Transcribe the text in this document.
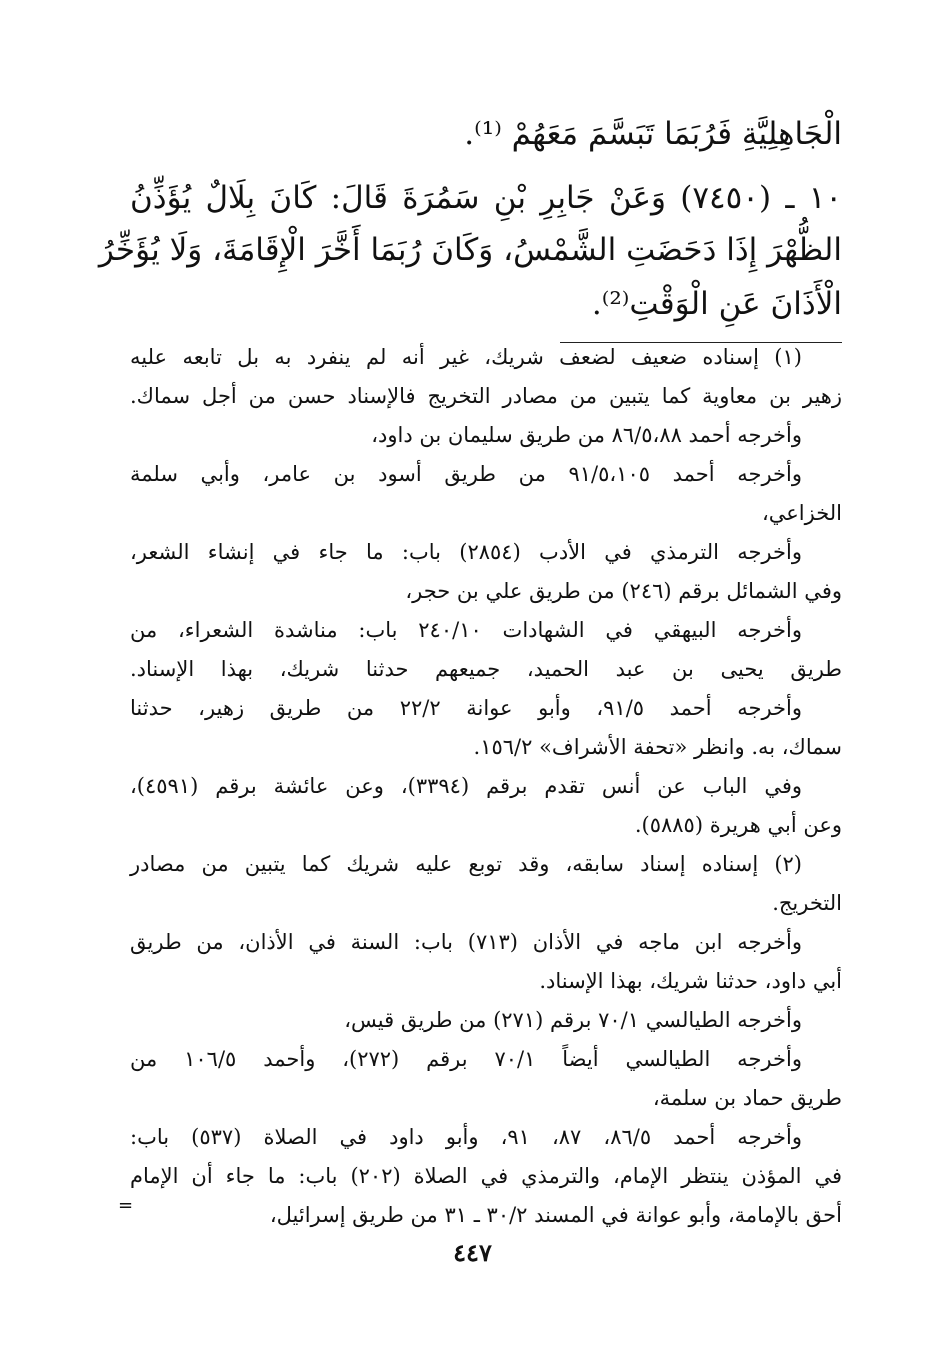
الْجَاهِلِيَّةِ فَرُبَمَا تَبَسَّمَ مَعَهُمْ ⁽¹⁾.
١٠ ـ (٧٤٥٠) وَعَنْ جَابِرِ بْنِ سَمُرَةَ قَالَ: كَانَ بِلَالٌ يُؤَذِّنُ
الظُّهْرَ إِذَا دَحَضَتِ الشَّمْسُ، وَكَانَ رُبَمَا أَخَّرَ الْإِقَامَةَ، وَلَا يُؤَخِّرُ
الْأَذَانَ عَنِ الْوَقْتِ⁽²⁾.
(١) إسناده ضعيف لضعف شريك، غير أنه لم ينفرد به بل تابعه عليه
زهير بن معاوية كما يتبين من مصادر التخريج فالإسناد حسن من أجل سماك.
وأخرجه أحمد ٨٦/٥،٨٨ من طريق سليمان بن داود،
وأخرجه أحمد ٩١/٥،١٠٥ من طريق أسود بن عامر، وأبي سلمة
الخزاعي،
وأخرجه الترمذي في الأدب (٢٨٥٤) باب: ما جاء في إنشاء الشعر،
وفي الشمائل برقم (٢٤٦) من طريق علي بن حجر،
وأخرجه البيهقي في الشهادات ٢٤٠/١٠ باب: مناشدة الشعراء، من
طريق يحيى بن عبد الحميد، جميعهم حدثنا شريك، بهذا الإسناد.
وأخرجه أحمد ٩١/٥، وأبو عوانة ٢٢/٢ من طريق زهير، حدثنا
سماك، به. وانظر «تحفة الأشراف» ١٥٦/٢.
وفي الباب عن أنس تقدم برقم (٣٣٩٤)، وعن عائشة برقم (٤٥٩١)،
وعن أبي هريرة (٥٨٨٥).
(٢) إسناده إسناد سابقه، وقد توبع عليه شريك كما يتبين من مصادر
التخريج.
وأخرجه ابن ماجه في الأذان (٧١٣) باب: السنة في الأذان، من طريق
أبي داود، حدثنا شريك، بهذا الإسناد.
وأخرجه الطيالسي ٧٠/١ برقم (٢٧١) من طريق قيس،
وأخرجه الطيالسي أيضاً ٧٠/١ برقم (٢٧٢)، وأحمد ١٠٦/٥ من
طريق حماد بن سلمة،
وأخرجه أحمد ٨٦/٥، ٨٧، ٩١، وأبو داود في الصلاة (٥٣٧) باب:
في المؤذن ينتظر الإمام، والترمذي في الصلاة (٢٠٢) باب: ما جاء أن الإمام
أحق بالإمامة، وأبو عوانة في المسند ٣٠/٢ ـ ٣١ من طريق إسرائيل،
=
٤٤٧
